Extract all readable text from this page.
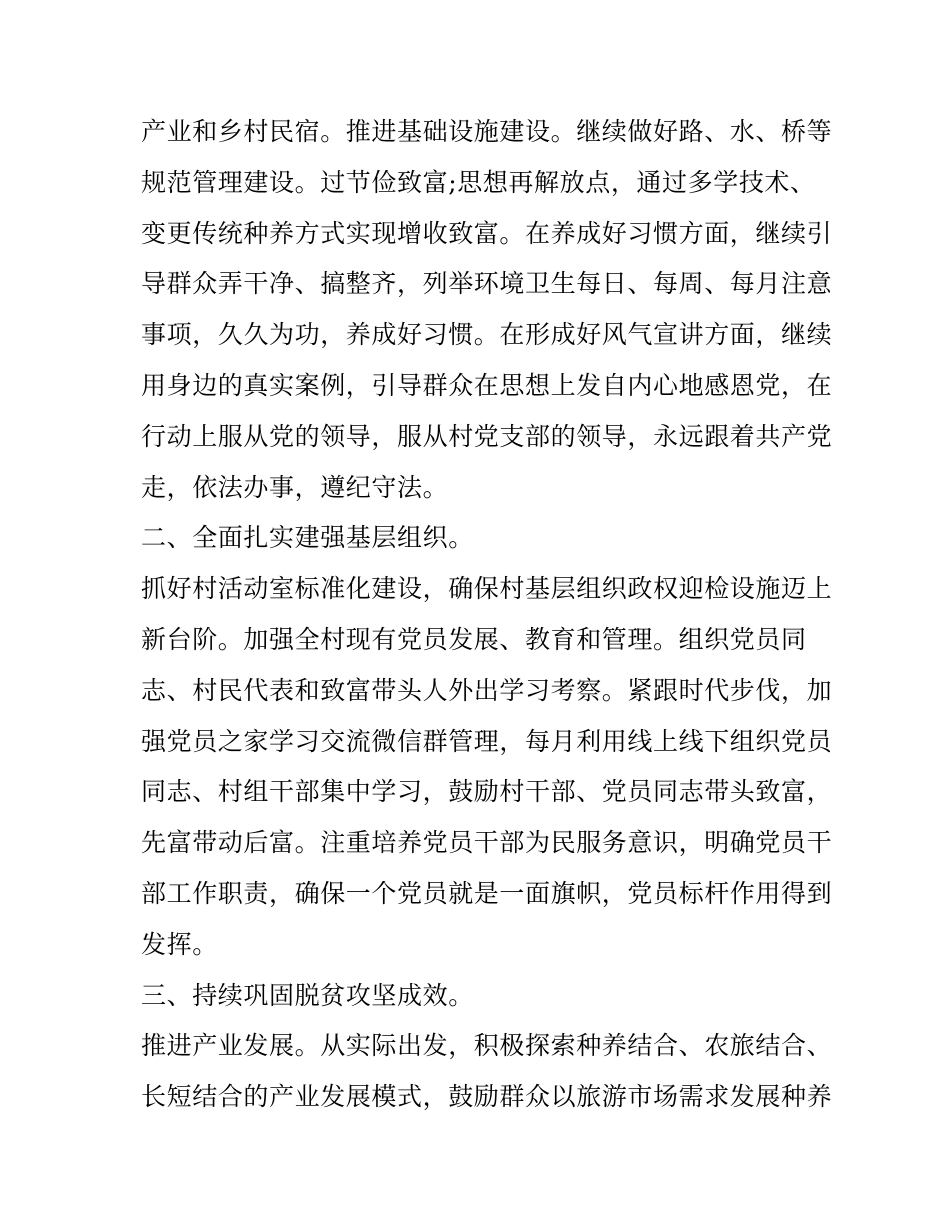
产业和乡村民宿。推进基础设施建设。继续做好路、水、桥等
规范管理建设。过节俭致富;思想再解放点，通过多学技术、
变更传统种养方式实现增收致富。在养成好习惯方面，继续引
导群众弄干净、搞整齐，列举环境卫生每日、每周、每月注意
事项，久久为功，养成好习惯。在形成好风气宣讲方面，继续
用身边的真实案例，引导群众在思想上发自内心地感恩党，在
行动上服从党的领导，服从村党支部的领导，永远跟着共产党
走，依法办事，遵纪守法。
二、全面扎实建强基层组织。
抓好村活动室标准化建设，确保村基层组织政权迎检设施迈上
新台阶。加强全村现有党员发展、教育和管理。组织党员同
志、村民代表和致富带头人外出学习考察。紧跟时代步伐，加
强党员之家学习交流微信群管理，每月利用线上线下组织党员
同志、村组干部集中学习，鼓励村干部、党员同志带头致富，
先富带动后富。注重培养党员干部为民服务意识，明确党员干
部工作职责，确保一个党员就是一面旗帜，党员标杆作用得到
发挥。
三、持续巩固脱贫攻坚成效。
推进产业发展。从实际出发，积极探索种养结合、农旅结合、
长短结合的产业发展模式，鼓励群众以旅游市场需求发展种养
